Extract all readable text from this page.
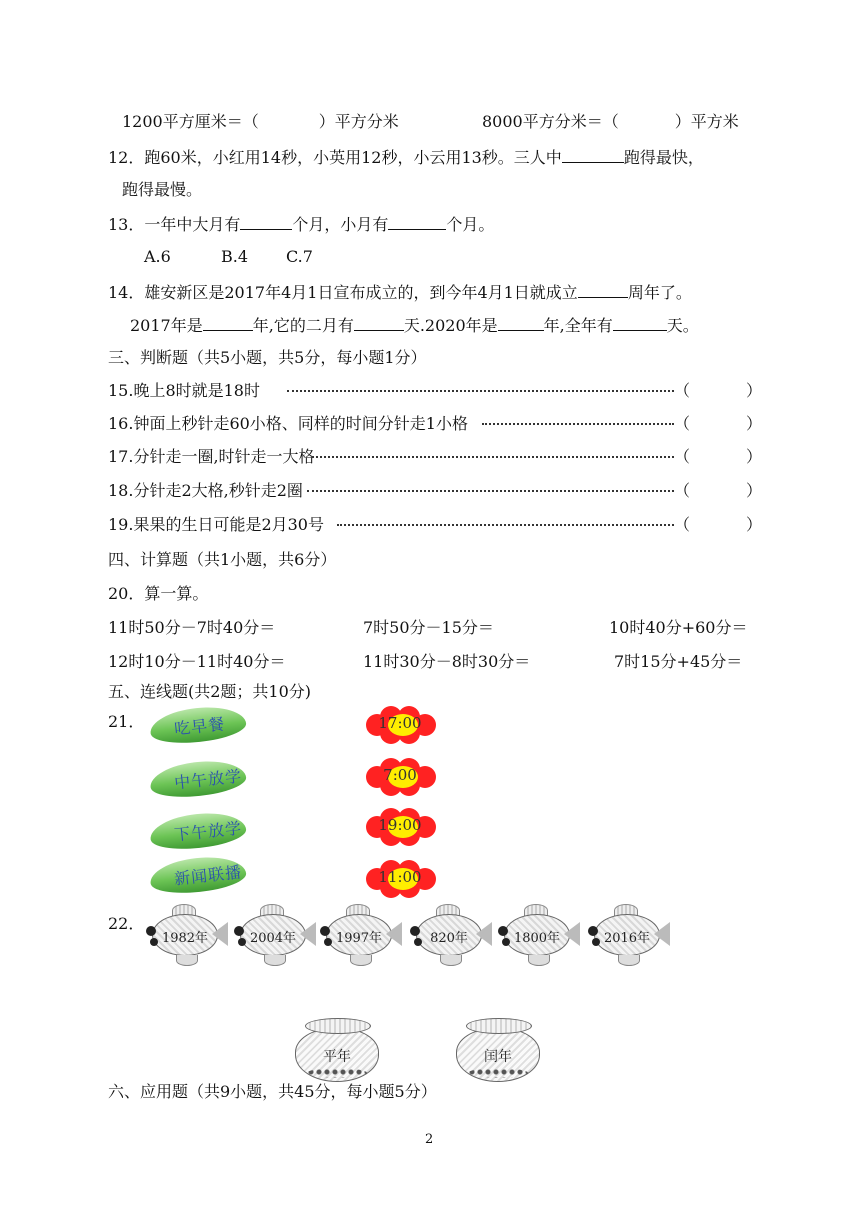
1200平方厘米＝（	）平方分米	8000平方分米＝（	）平方米
12．跑60米，小红用14秒，小英用12秒，小云用13秒。三人中	跑得最快，
跑得最慢。
13．一年中大月有	个月，小月有	个月。
A.6	B.4 C.7
14．雄安新区是2017年4月1日宣布成立的，到今年4月1日就成立	周年了。
2017年是	年,它的二月有	天.2020年是	年,全年有	天。
三、判断题（共5小题，共5分，每小题1分）
15.晚上8时就是18时	（	）
16.钟面上秒针走60小格、同样的时间分针走1小格	（	）
17.分针走一圈,时针走一大格	（	）
18.分针走2大格,秒针走2圈	（	）
19.果果的生日可能是2月30号	（	）
四、计算题（共1小题，共6分）
20．算一算。
11时50分－7时40分＝	7时50分－15分＝	10时40分+60分＝
12时10分－11时40分＝	11时30分－8时30分＝	7时15分+45分＝
五、连线题(共2题；共10分)
21． 吃早餐
中午放学
下午放学
新闻联播
17:00
7:00
19:00
11:00
22．
1982年	2004年	1997年	820年	1800年	2016年
平年	闰年
六、应用题（共9小题，共45分，每小题5分）
2
